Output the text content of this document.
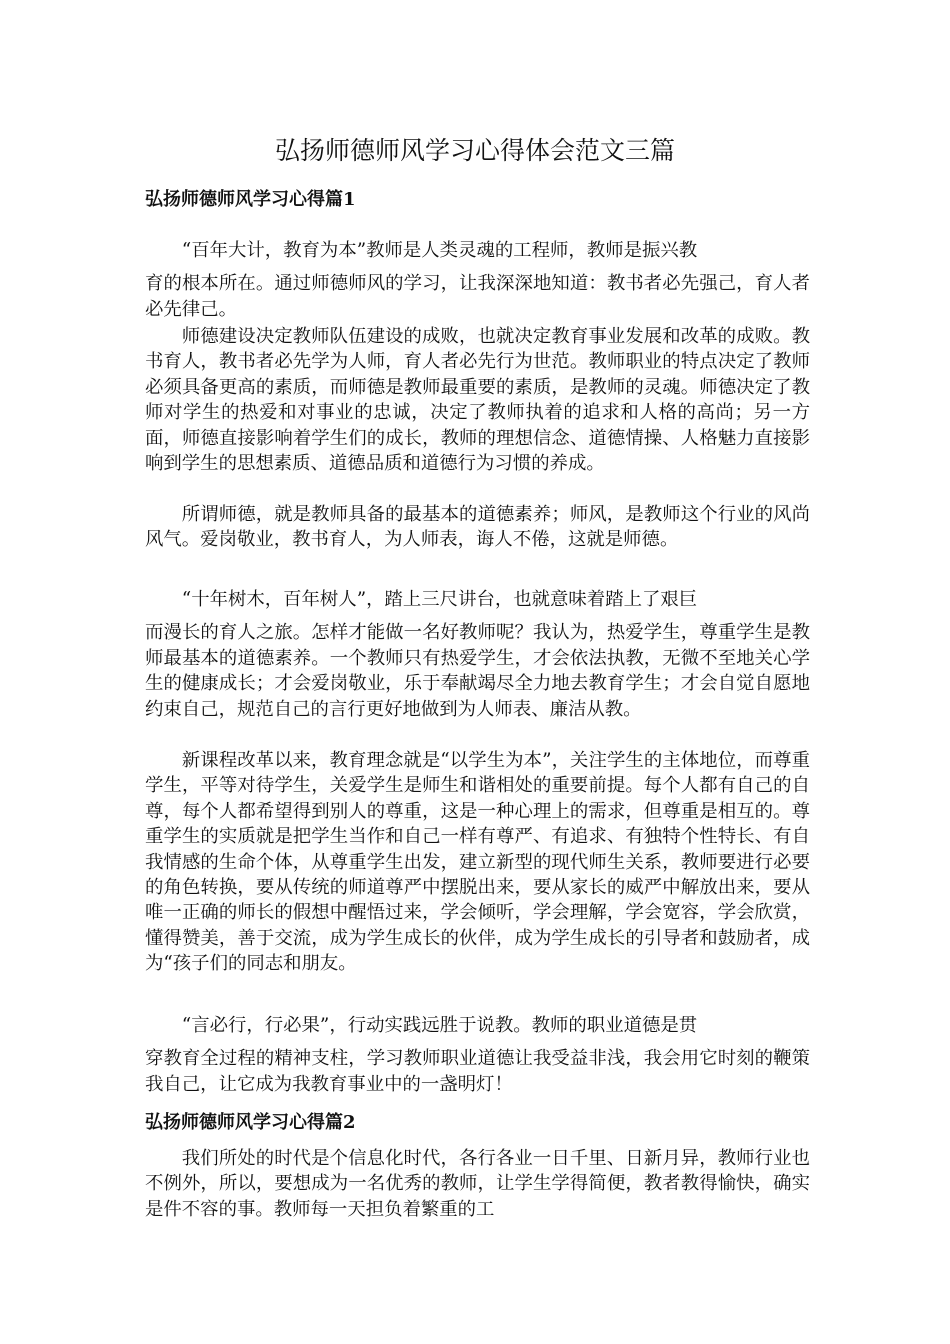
弘扬师德师风学习心得体会范文三篇
弘扬师德师风学习心得篇1
“百年大计，教育为本”教师是人类灵魂的工程师，教师是振兴教
育的根本所在。通过师德师风的学习，让我深深地知道：教书者必先强己，育人者必先律己。
师德建设决定教师队伍建设的成败，也就决定教育事业发展和改革的成败。教书育人，教书者必先学为人师，育人者必先行为世范。教师职业的特点决定了教师必须具备更高的素质，而师德是教师最重要的素质，是教师的灵魂。师德决定了教师对学生的热爱和对事业的忠诚，决定了教师执着的追求和人格的高尚；另一方面，师德直接影响着学生们的成长，教师的理想信念、道德情操、人格魅力直接影响到学生的思想素质、道德品质和道德行为习惯的养成。
所谓师德，就是教师具备的最基本的道德素养；师风，是教师这个行业的风尚风气。爱岗敬业，教书育人，为人师表，诲人不倦，这就是师德。
“十年树木，百年树人”，踏上三尺讲台，也就意味着踏上了艰巨
而漫长的育人之旅。怎样才能做一名好教师呢？我认为，热爱学生，尊重学生是教师最基本的道德素养。一个教师只有热爱学生，才会依法执教，无微不至地关心学生的健康成长；才会爱岗敬业，乐于奉献竭尽全力地去教育学生；才会自觉自愿地约束自己，规范自己的言行更好地做到为人师表、廉洁从教。
新课程改革以来，教育理念就是“以学生为本”，关注学生的主体地位，而尊重学生，平等对待学生，关爱学生是师生和谐相处的重要前提。每个人都有自己的自尊，每个人都希望得到别人的尊重，这是一种心理上的需求，但尊重是相互的。尊重学生的实质就是把学生当作和自己一样有尊严、有追求、有独特个性特长、有自我情感的生命个体，从尊重学生出发，建立新型的现代师生关系，教师要进行必要的角色转换，要从传统的师道尊严中摆脱出来，要从家长的威严中解放出来，要从唯一正确的师长的假想中醒悟过来，学会倾听，学会理解，学会宽容，学会欣赏，懂得赞美，善于交流，成为学生成长的伙伴，成为学生成长的引导者和鼓励者，成为“孩子们的同志和朋友。
“言必行，行必果”，行动实践远胜于说教。教师的职业道德是贯
穿教育全过程的精神支柱，学习教师职业道德让我受益非浅，我会用它时刻的鞭策我自己，让它成为我教育事业中的一盏明灯！
弘扬师德师风学习心得篇2
我们所处的时代是个信息化时代，各行各业一日千里、日新月异，教师行业也不例外，所以，要想成为一名优秀的教师，让学生学得简便，教者教得愉快，确实是件不容的事。教师每一天担负着繁重的工
